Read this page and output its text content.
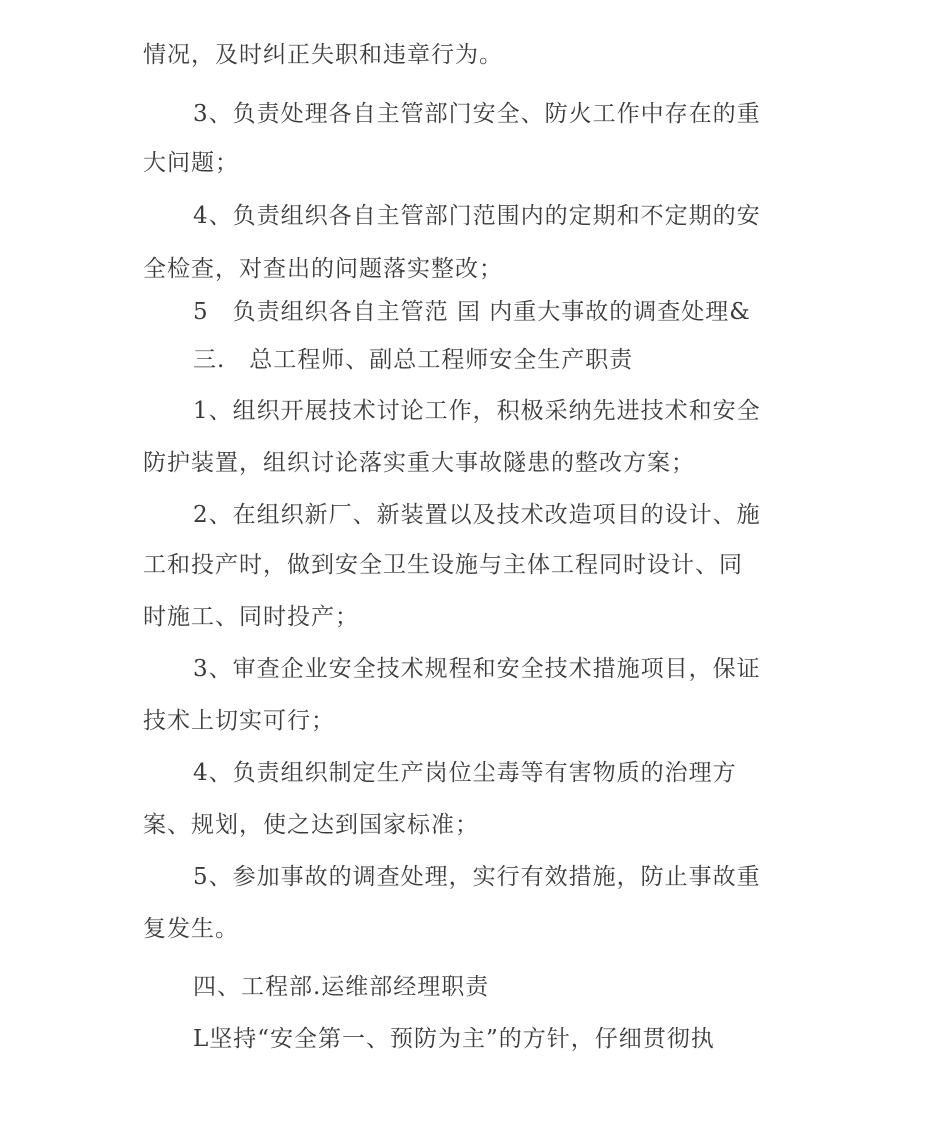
情况，及时纠正失职和违章行为。
3、负责处理各自主管部门安全、防火工作中存在的重
大问题；
4、负责组织各自主管部门范围内的定期和不定期的安
全检查，对查出的问题落实整改；
5　负责组织各自主管范 囯 内重大事故的调查处理&
三.　总工程师、副总工程师安全生产职责
1、组织开展技术讨论工作，积极采纳先进技术和安全
防护装置，组织讨论落实重大事故隧患的整改方案；
2、在组织新厂、新装置以及技术改造项目的设计、施
工和投产时，做到安全卫生设施与主体工程同时设计、同
时施工、同时投产；
3、审查企业安全技术规程和安全技术措施项目，保证
技术上切实可行；
4、负责组织制定生产岗位尘毒等有害物质的治理方
案、规划，使之达到国家标准；
5、参加事故的调查处理，实行有效措施，防止事故重
复发生。
四、工程部.运维部经理职责
L坚持“安全第一、预防为主”的方针，仔细贯彻执
